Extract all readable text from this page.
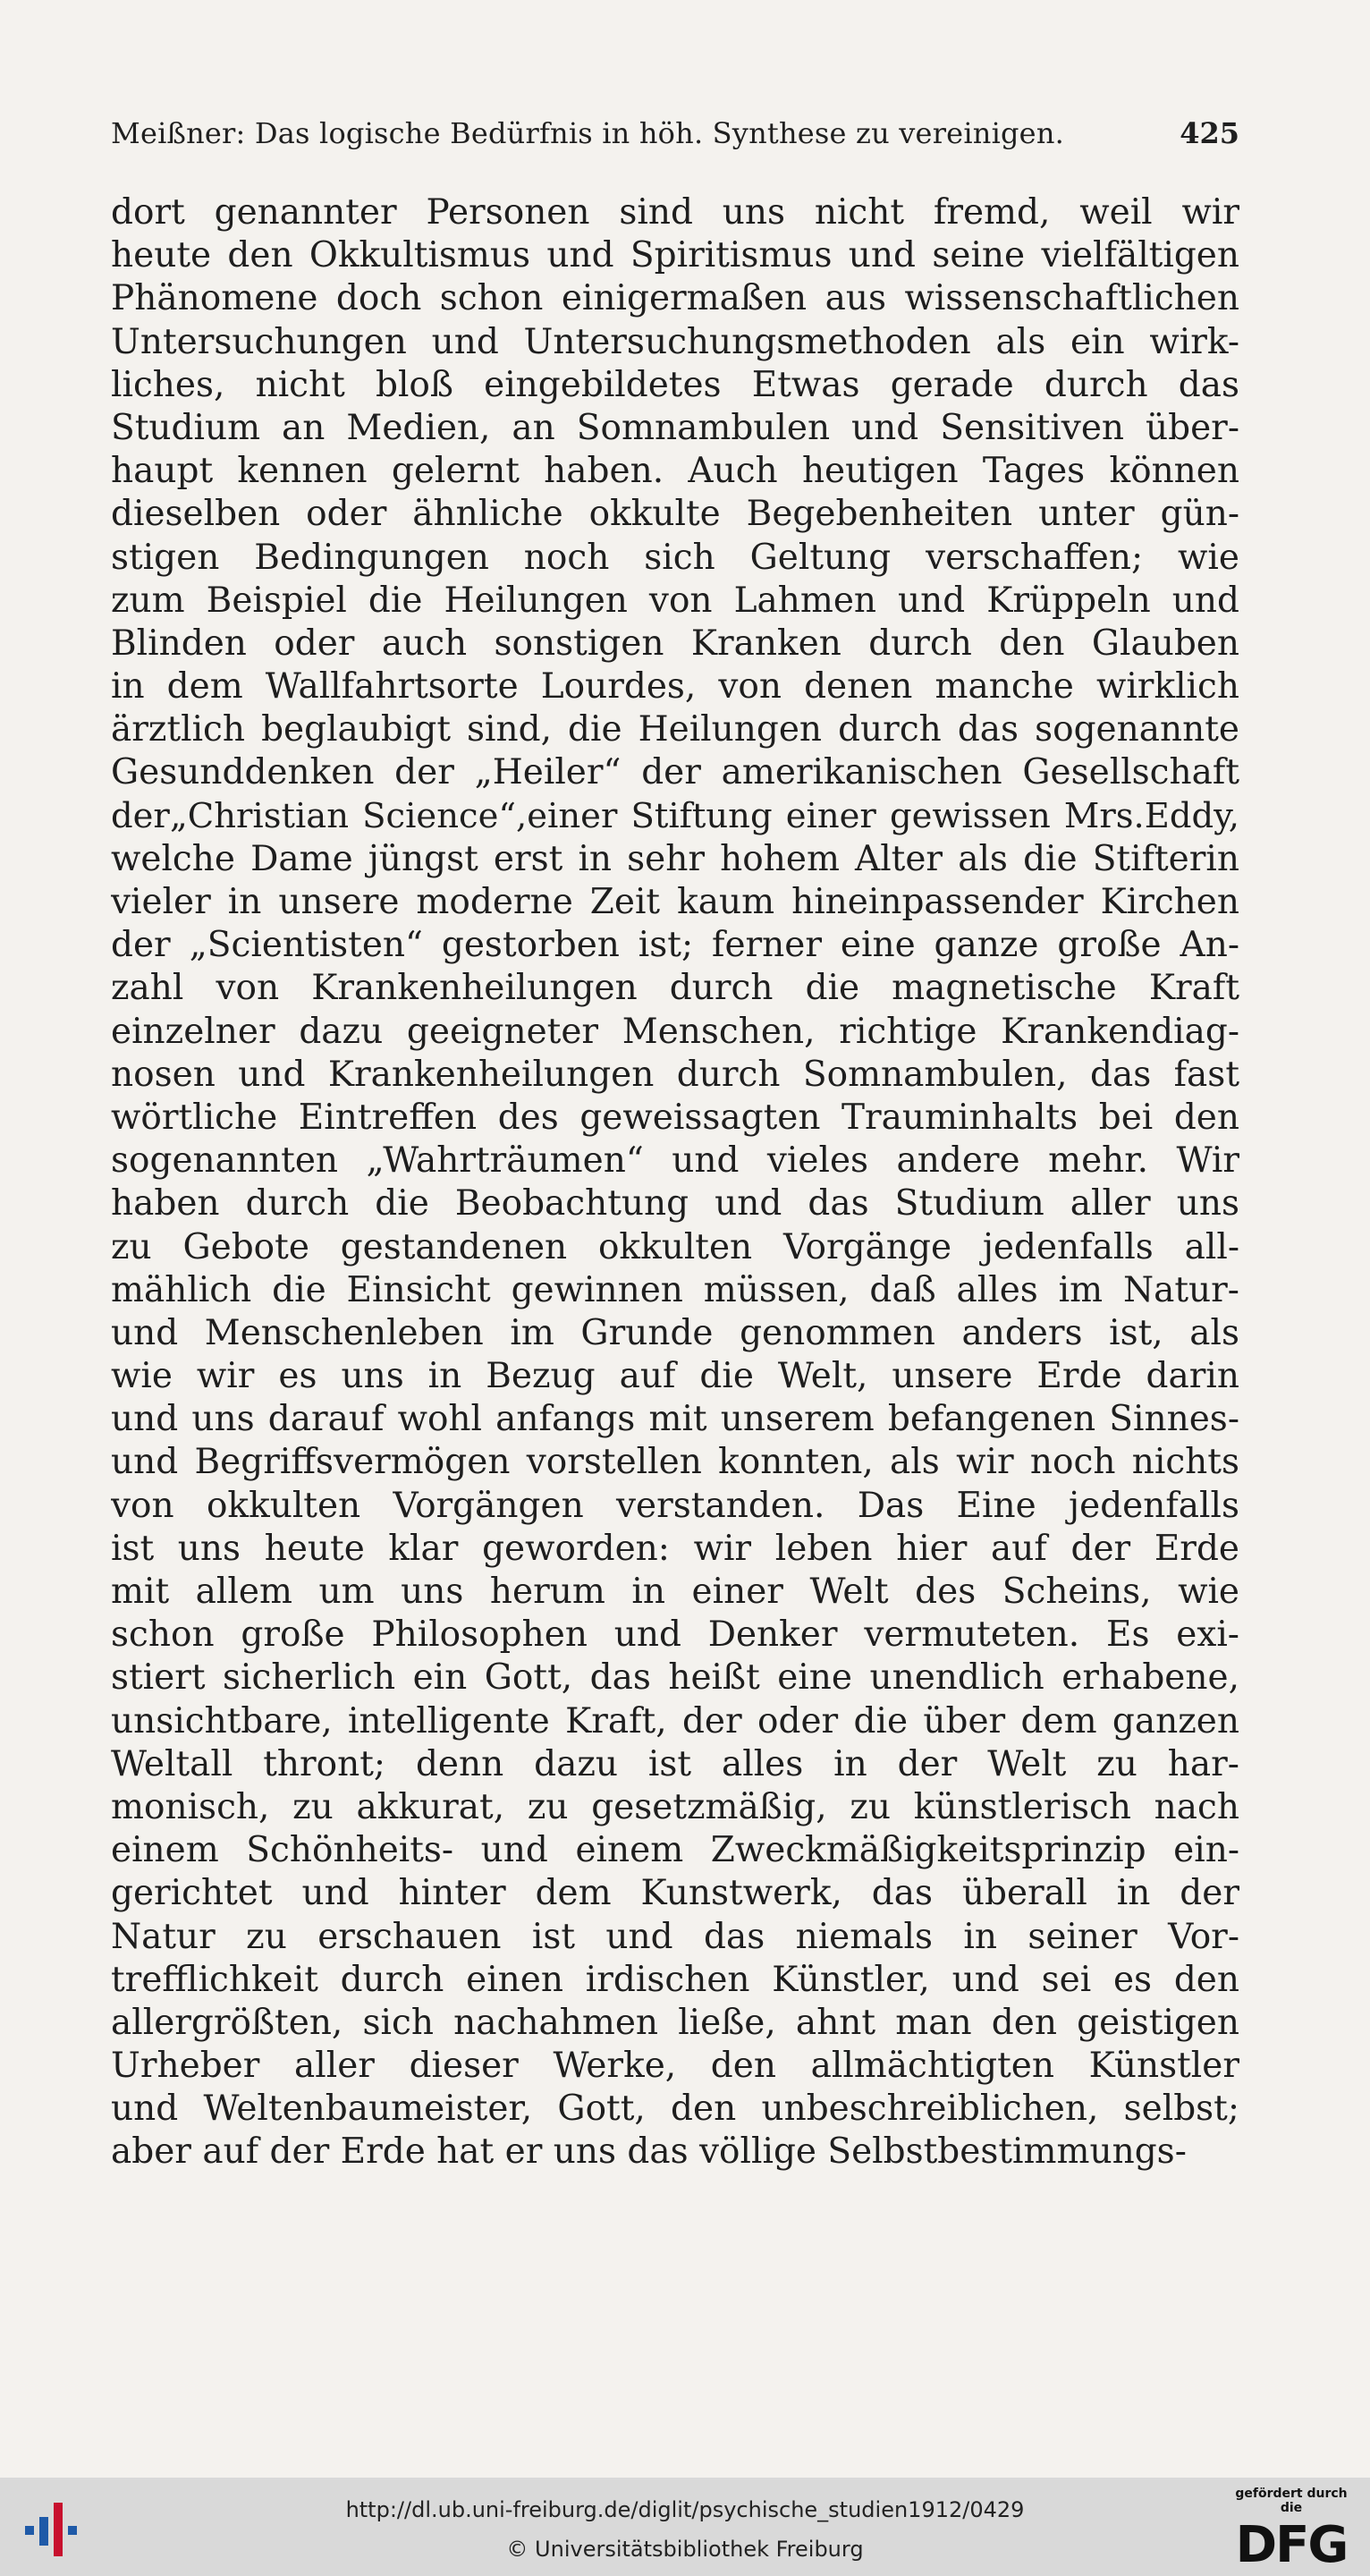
Meißner: Das logische Bedürfnis in höh. Synthese zu vereinigen.	425
dort genannter Personen sind uns nicht fremd, weil wir
heute den Okkultismus und Spiritismus und seine vielfältigen
Phänomene doch schon einigermaßen aus wissenschaftlichen
Untersuchungen und Untersuchungsmethoden als ein wirk-
liches, nicht bloß eingebildetes Etwas gerade durch das
Studium an Medien, an Somnambulen und Sensitiven über-
haupt kennen gelernt haben. Auch heutigen Tages können
dieselben oder ähnliche okkulte Begebenheiten unter gün-
stigen Bedingungen noch sich Geltung verschaffen; wie
zum Beispiel die Heilungen von Lahmen und Krüppeln und
Blinden oder auch sonstigen Kranken durch den Glauben
in dem Wallfahrtsorte Lourdes, von denen manche wirklich
ärztlich beglaubigt sind, die Heilungen durch das sogenannte
Gesunddenken der „Heiler“ der amerikanischen Gesellschaft
der„Christian Science“,einer Stiftung einer gewissen Mrs.Eddy,
welche Dame jüngst erst in sehr hohem Alter als die Stifterin
vieler in unsere moderne Zeit kaum hineinpassender Kirchen
der „Scientisten“ gestorben ist; ferner eine ganze große An-
zahl von Krankenheilungen durch die magnetische Kraft
einzelner dazu geeigneter Menschen, richtige Krankendiag-
nosen und Krankenheilungen durch Somnambulen, das fast
wörtliche Eintreffen des geweissagten Trauminhalts bei den
sogenannten „Wahrträumen“ und vieles andere mehr. Wir
haben durch die Beobachtung und das Studium aller uns
zu Gebote gestandenen okkulten Vorgänge jedenfalls all-
mählich die Einsicht gewinnen müssen, daß alles im Natur-
und Menschenleben im Grunde genommen anders ist, als
wie wir es uns in Bezug auf die Welt, unsere Erde darin
und uns darauf wohl anfangs mit unserem befangenen Sinnes-
und Begriffsvermögen vorstellen konnten, als wir noch nichts
von okkulten Vorgängen verstanden. Das Eine jedenfalls
ist uns heute klar geworden: wir leben hier auf der Erde
mit allem um uns herum in einer Welt des Scheins, wie
schon große Philosophen und Denker vermuteten. Es exi-
stiert sicherlich ein Gott, das heißt eine unendlich erhabene,
unsichtbare, intelligente Kraft, der oder die über dem ganzen
Weltall thront; denn dazu ist alles in der Welt zu har-
monisch, zu akkurat, zu gesetzmäßig, zu künstlerisch nach
einem Schönheits- und einem Zweckmäßigkeitsprinzip ein-
gerichtet und hinter dem Kunstwerk, das überall in der
Natur zu erschauen ist und das niemals in seiner Vor-
trefflichkeit durch einen irdischen Künstler, und sei es den
allergrößten, sich nachahmen ließe, ahnt man den geistigen
Urheber aller dieser Werke, den allmächtigten Künstler
und Weltenbaumeister, Gott, den unbeschreiblichen, selbst;
aber auf der Erde hat er uns das völlige Selbstbestimmungs-
http://dl.ub.uni-freiburg.de/diglit/psychische_studien1912/0429
© Universitätsbibliothek Freiburg
gefördert durch die
DFG
